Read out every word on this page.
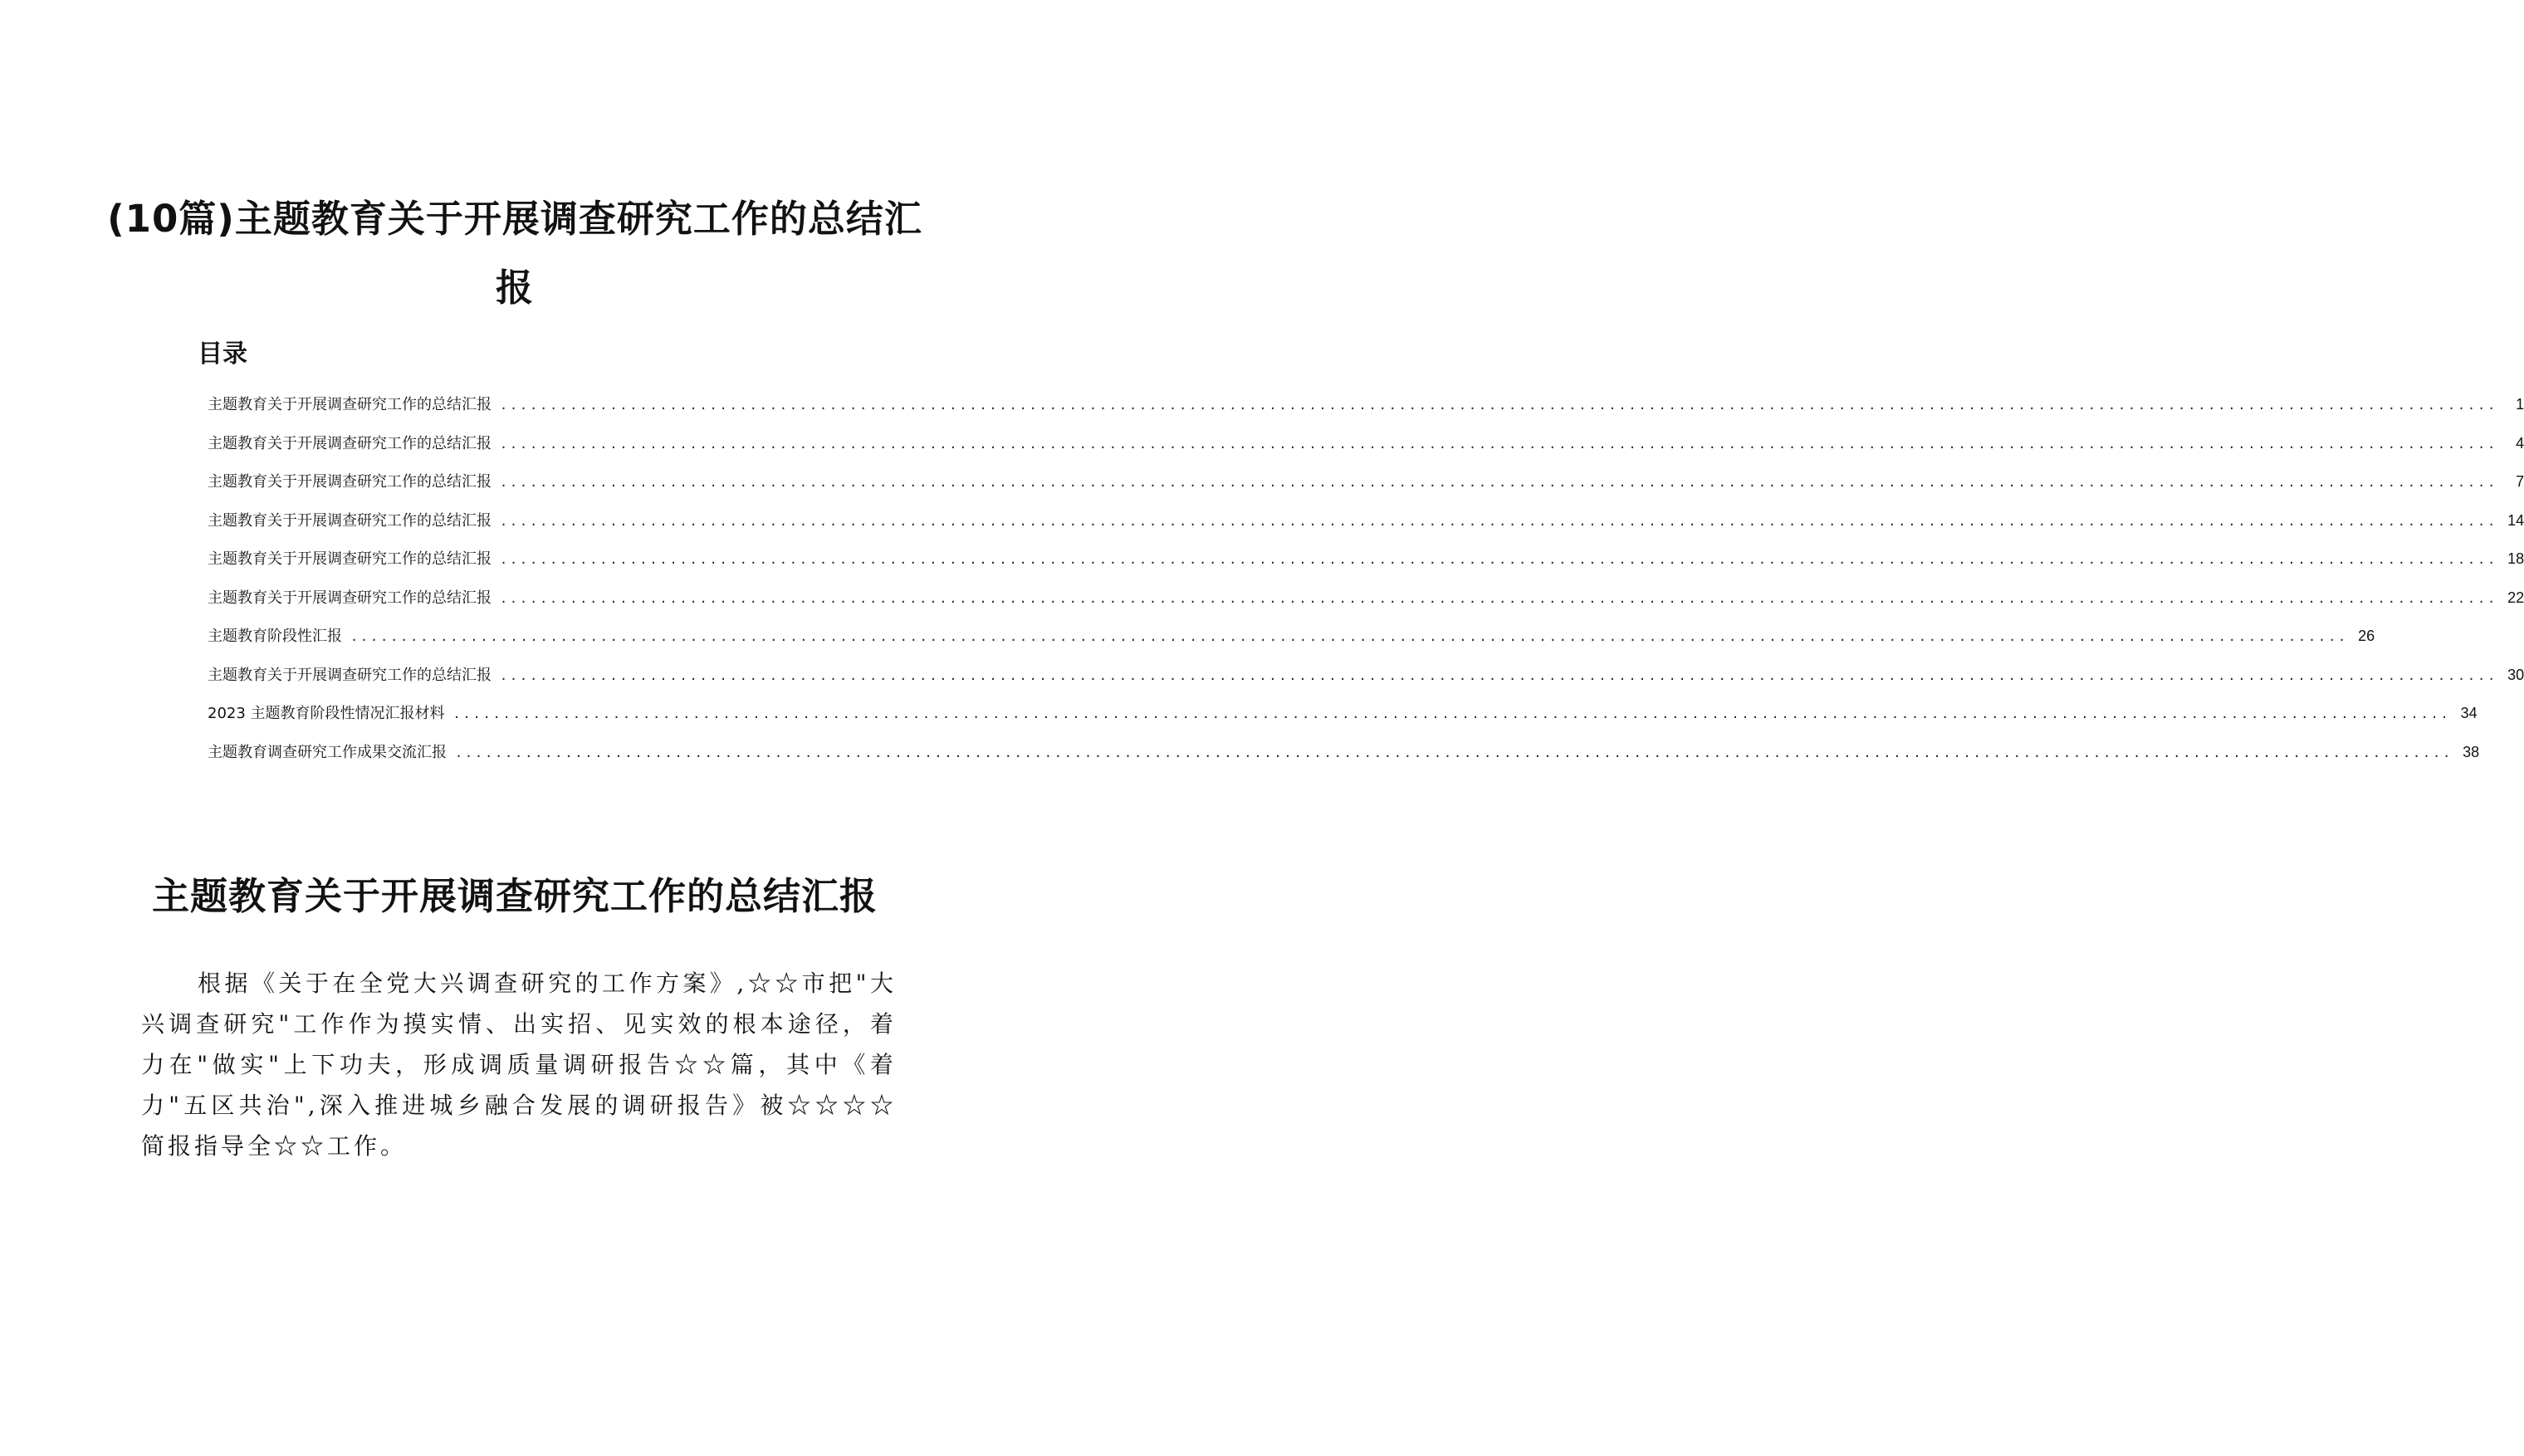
(10篇)主题教育关于开展调查研究工作的总结汇报
目录
主题教育关于开展调查研究工作的总结汇报 ........................................................................................................................................................................................................	1
主题教育关于开展调查研究工作的总结汇报 ........................................................................................................................................................................................................	4
主题教育关于开展调查研究工作的总结汇报 ........................................................................................................................................................................................................	7
主题教育关于开展调查研究工作的总结汇报 ........................................................................................................................................................................................................ 14
主题教育关于开展调查研究工作的总结汇报 ........................................................................................................................................................................................................ 18
主题教育关于开展调查研究工作的总结汇报 ........................................................................................................................................................................................................ 22
主题教育阶段性汇报 ........................................................................................................................................................................................................ 26
主题教育关于开展调查研究工作的总结汇报 ........................................................................................................................................................................................................ 30
2023 主题教育阶段性情况汇报材料 ........................................................................................................................................................................................................ 34
主题教育调查研究工作成果交流汇报 ........................................................................................................................................................................................................ 38
主题教育关于开展调查研究工作的总结汇报

根据《关于在全党大兴调查研究的工作方案》,☆☆市把"大兴调查研究"工作作为摸实情、出实招、见实效的根本途径，着力在"做实"上下功夫，形成调质量调研报告☆☆篇，其中《着力"五区共治",深入推进城乡融合发展的调研报告》被☆☆☆☆简报指导全☆☆工作。
